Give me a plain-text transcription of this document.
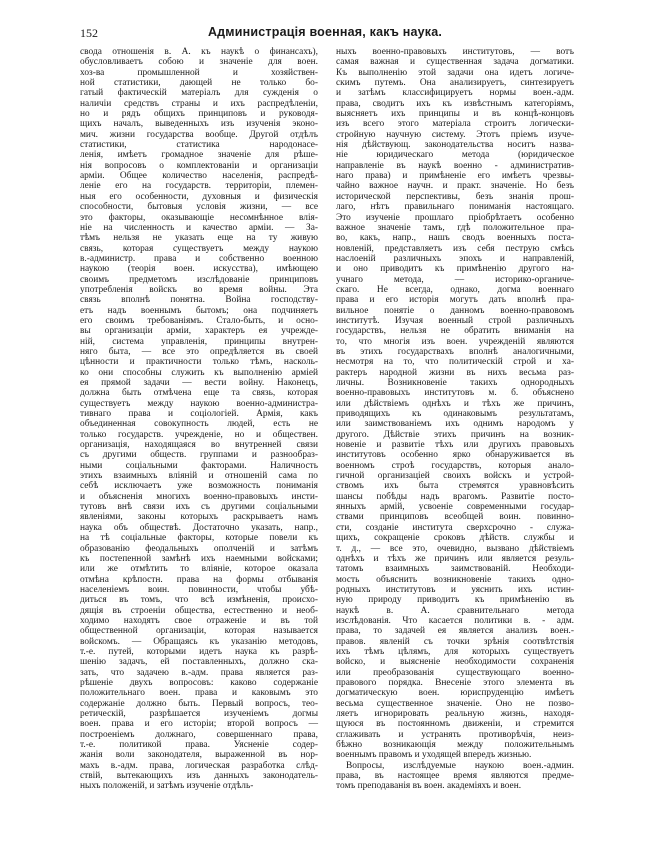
152	Администрація военная, какъ наука.
свода отношенія в. А. къ наукѣ о финансахъ),
обусловливаетъ собою и значеніе для воен.
хоз-ва промышленной и хозяйствен-
ной статистики, дающей не только бо-
гатый фактическій матеріалъ для сужденія о
наличіи средствъ страны и ихъ распредѣленіи,
но и рядъ общихъ принциповъ и руководя-
щихъ началъ, выведенныхъ изъ изученія эконо-
мич. жизни государства вообще. Другой отдѣлъ
статистики, статистика народонасе-
ленія, имѣетъ громадное значеніе для рѣше-
нія вопросовъ о комплектованіи и организаціи
арміи. Общее количество населенія, распредѣ-
леніе его на государств. территоріи, племен-
ныя его особенности, духовныя и физическія
способности, бытовыя условія жизни, — все
это факторы, оказывающіе несомнѣнное влія-
ніе на численность и качество арміи. — За-
тѣмъ нельзя не указать еще на ту живую
связь, которая существуетъ между наукою
в.-администр. права и собственно военною
наукою (теорія воен. искусства), имѣющею
своимъ предметомъ изслѣдованіе принциповъ
употребленія войскъ во время войны. Эта
связь вполнѣ понятна. Война господству-
етъ надъ военнымъ бытомъ; она подчиняетъ
его своимъ требованіямъ. Стало-быть, и осно-
вы организаціи арміи, характеръ ея учрежде-
ній, система управленія, принципы внутрен-
няго быта, — все это опредѣляется въ своей
цѣнности и практичности только тѣмъ, насколь-
ко они способны служить къ выполненію арміей
ея прямой задачи — вести войну. Наконецъ,
должна быть отмѣчена еще та связь, которая
существуетъ между наукою военно-администра-
тивнаго права и соціологіей. Армія, какъ
объединенная совокупность людей, есть не
только государств. учрежденіе, но и обществен.
организація, находящаяся во внутренней связи
съ другими обществ. группами и разнообраз-
ными соціальными факторами. Наличность
этихъ взаимныхъ вліяній и отношеній сама по
себѣ исключаетъ уже возможность пониманія
и объясненія многихъ военно-правовыхъ инсти-
тутовъ внѣ связи ихъ съ другими соціальными
явленіями, законы которыхъ раскрываетъ намъ
наука объ обществѣ. Достаточно указать, напр.,
на тѣ соціальные факторы, которые повели къ
образованію феодальныхъ ополченій и затѣмъ
къ постепенной замѣнѣ ихъ наемными войсками;
или же отмѣтить то вліяніе, которое оказала
отмѣна крѣпостн. права на формы отбыванія
населеніемъ воин. повинности, чтобы убѣ-
диться въ томъ, что всѣ измѣненія, происхо-
дящія въ строеніи общества, естественно и необ-
ходимо находятъ свое отраженіе и въ той
общественной организаціи, которая называется
войскомъ. — Обращаясь къ указанію методовъ,
т.-е. путей, которыми идетъ наука къ разрѣ-
шенію задачъ, ей поставленныхъ, должно ска-
зать, что задачею в.-адм. права является раз-
рѣшеніе двухъ вопросовъ: каково содержаніе
положительнаго воен. права и каковымъ это
содержаніе должно быть. Первый вопросъ, тео-
ретическій, разрѣшается изученіемъ догмы
воен. права и его исторіи; второй вопросъ —
построеніемъ должнаго, совершеннаго права,
т.-е. политикой права. Уясненіе содер-
жанія воли законодателя, выраженной въ нор-
махъ в.-адм. права, логическая разработка слѣд-
ствій, вытекающихъ изъ данныхъ законодатель-
ныхъ положеній, и затѣмъ изученіе отдѣль-
ныхъ военно-правовыхъ институтовъ, — вотъ
самая важная и существенная задача догматики.
Къ выполненію этой задачи она идетъ логиче-
скимъ путемъ. Она анализируетъ, синтезируетъ
и затѣмъ классифицируетъ нормы воен.-адм.
права, сводитъ ихъ къ извѣстнымъ категоріямъ,
выясняетъ ихъ принципы и въ концѣ-концовъ
изъ всего этого матеріала строитъ логически-
стройную научную систему. Этотъ пріемъ изуче-
нія дѣйствующ. законодательства носитъ назва-
ніе юридическаго метода (юридическое
направленіе въ наукѣ военно - административ-
наго права) и примѣненіе его имѣетъ чрезвы-
чайно важное научн. и практ. значеніе. Но безъ
исторической перспективы, безъ знанія прош-
лаго, нѣтъ правильнаго пониманія настоящаго.
Это изученіе прошлаго пріобрѣтаетъ особенно
важное значеніе тамъ, гдѣ положительное пра-
во, какъ, напр., нашъ сводъ военныхъ поста-
новленій, представляетъ изъ себя пеструю смѣсь
наслоеній различныхъ эпохъ и направленій,
и оно приводитъ къ примѣненію другого на-
учнаго метода, — историко-органиче-
скаго. Не всегда, однако, догма военнаго
права и его исторія могутъ дать вполнѣ пра-
вильное понятіе о данномъ военно-правовомъ
институтѣ. Изучая военный строй различныхъ
государствъ, нельзя не обратить вниманія на
то, что многія изъ воен. учрежденій являются
въ этихъ государствахъ вполнѣ аналогичными,
несмотря на то, что политическій строй и ха-
рактеръ народной жизни въ нихъ весьма раз-
личны. Возникновеніе такихъ однородныхъ
военно-правовыхъ институтовъ м. б. объяснено
или дѣйствіемъ однѣхъ и тѣхъ же причинъ,
приводящихъ къ одинаковымъ результатамъ,
или заимствованіемъ ихъ однимъ народомъ у
другого. Дѣйствіе этихъ причинъ на возник-
новеніе и развитіе тѣхъ или другихъ правовыхъ
институтовъ особенно ярко обнаруживается въ
военномъ строѣ государствъ, которыя анало-
гичной организаціей своихъ войскъ и устрой-
ствомъ ихъ быта стремятся уравновѣсить
шансы побѣды надъ врагомъ. Развитіе посто-
янныхъ армій, усвоеніе современными государ-
ствами принциповъ всеобщей воин. повинно-
сти, созданіе института сверхсрочно - служа-
щихъ, сокращеніе сроковъ дѣйств. службы и
т. д., — все это, очевидно, вызвано дѣйствіемъ
однѣхъ и тѣхъ же причинъ или является резуль-
татомъ взаимныхъ заимствованій. Необходи-
мость объяснить возникновеніе такихъ одно-
родныхъ институтовъ и уяснить ихъ истин-
ную природу приводитъ къ примѣненію въ
наукѣ в. А. сравнительнаго метода
изслѣдованія. Что касается политики в. - адм.
права, то задачей ея является анализъ воен.-
правов. явленій съ точки зрѣнія соотвѣтствія
ихъ тѣмъ цѣлямъ, для которыхъ существуетъ
войско, и выясненіе необходимости сохраненія
или преобразованія существующаго военно-
правового порядка. Внесеніе этого элемента въ
догматическую воен. юриспруденцію имѣетъ
весьма существенное значеніе. Оно не позво-
ляетъ игнорировать реальную жизнь, находя-
щуюся въ постоянномъ движеніи, и стремится
сглаживать и устранять противорѣчія, неиз-
бѣжно возникающія между положительнымъ
военнымъ правомъ и уходящей впередъ жизнью.
Вопросы, изслѣдуемые наукою воен.-админ.
права, въ настоящее время являются предме-
томъ преподаванія въ воен. академіяхъ и воен.
